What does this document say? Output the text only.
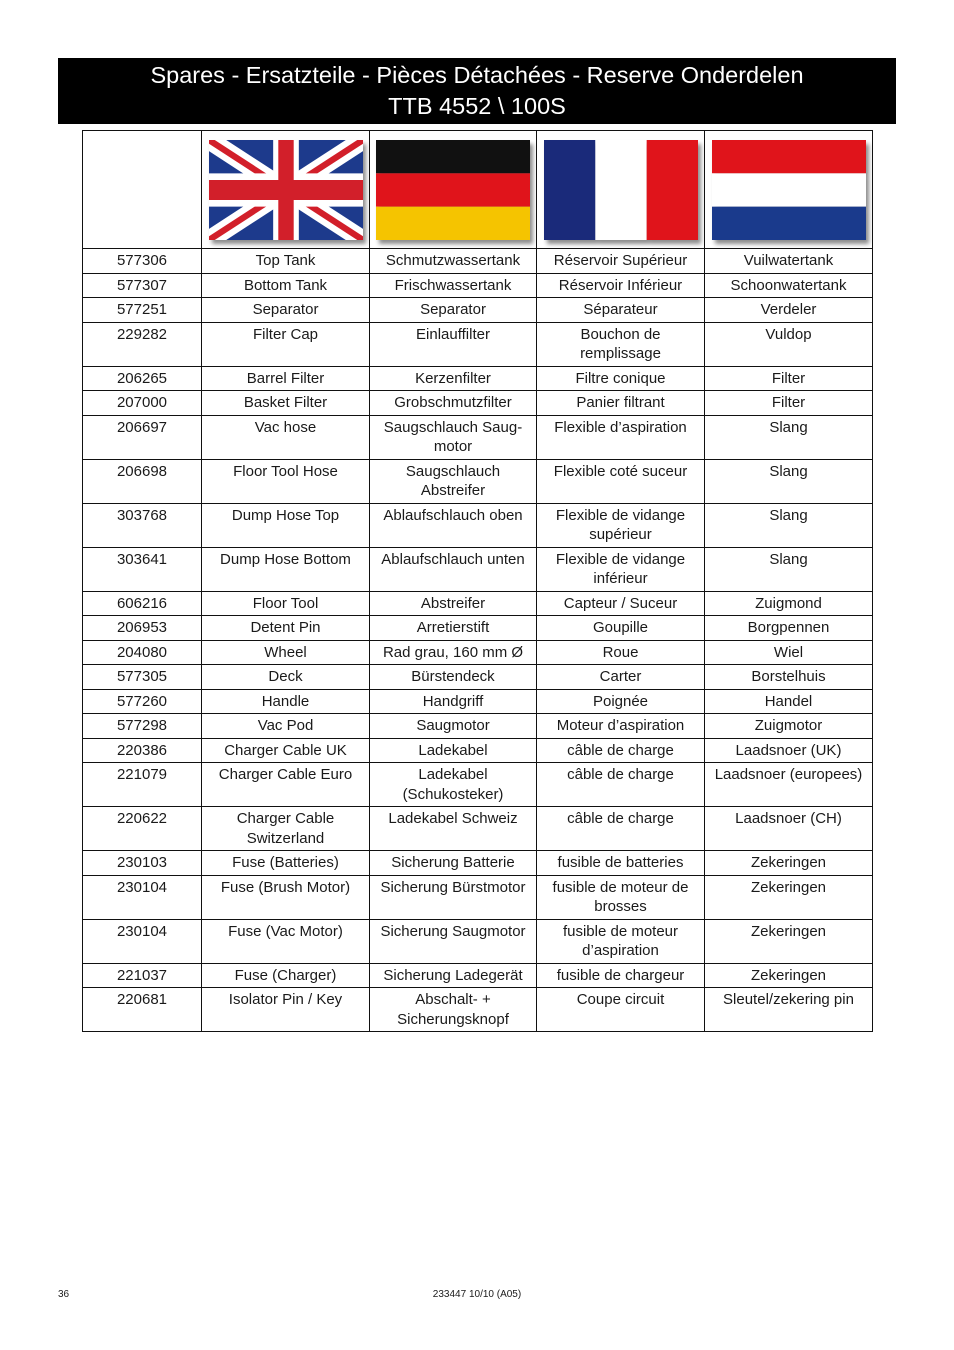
Spares - Ersatzteile - Pièces Détachées - Reserve Onderdelen
TTB 4552 \ 100S

577306	Top Tank	Schmutzwassertank	Réservoir Supérieur	Vuilwatertank
577307	Bottom Tank	Frischwassertank	Réservoir Inférieur	Schoonwatertank
577251	Separator	Separator	Séparateur	Verdeler
229282	Filter Cap	Einlauffilter	Bouchon de remplissage	Vuldop
206265	Barrel Filter	Kerzenfilter	Filtre conique	Filter
207000	Basket Filter	Grobschmutzfilter	Panier filtrant	Filter
206697	Vac hose	Saugschlauch Saug-motor	Flexible d’aspiration	Slang
206698	Floor Tool Hose	Saugschlauch Abstreifer	Flexible coté suceur	Slang
303768	Dump Hose Top	Ablaufschlauch oben	Flexible de vidange supérieur	Slang
303641	Dump Hose Bottom	Ablaufschlauch unten	Flexible de vidange inférieur	Slang
606216	Floor Tool	Abstreifer	Capteur / Suceur	Zuigmond
206953	Detent Pin	Arretierstift	Goupille	Borgpennen
204080	Wheel	Rad grau, 160 mm Ø	Roue	Wiel
577305	Deck	Bürstendeck	Carter	Borstelhuis
577260	Handle	Handgriff	Poignée	Handel
577298	Vac Pod	Saugmotor	Moteur d’aspiration	Zuigmotor
220386	Charger Cable UK	Ladekabel	câble de charge	Laadsnoer (UK)
221079	Charger Cable Euro	Ladekabel (Schukosteker)	câble de charge	Laadsnoer (europees)
220622	Charger Cable Switzerland	Ladekabel Schweiz	câble de charge	Laadsnoer (CH)
230103	Fuse (Batteries)	Sicherung Batterie	fusible de batteries	Zekeringen
230104	Fuse (Brush Motor)	Sicherung Bürstmotor	fusible de moteur de brosses	Zekeringen
230104	Fuse (Vac Motor)	Sicherung Saugmotor	fusible de moteur d’aspiration	Zekeringen
221037	Fuse (Charger)	Sicherung Ladegerät	fusible de chargeur	Zekeringen
220681	Isolator Pin / Key	Abschalt- + Sicherungsknopf	Coupe circuit	Sleutel/zekering pin
36	233447 10/10 (A05)
